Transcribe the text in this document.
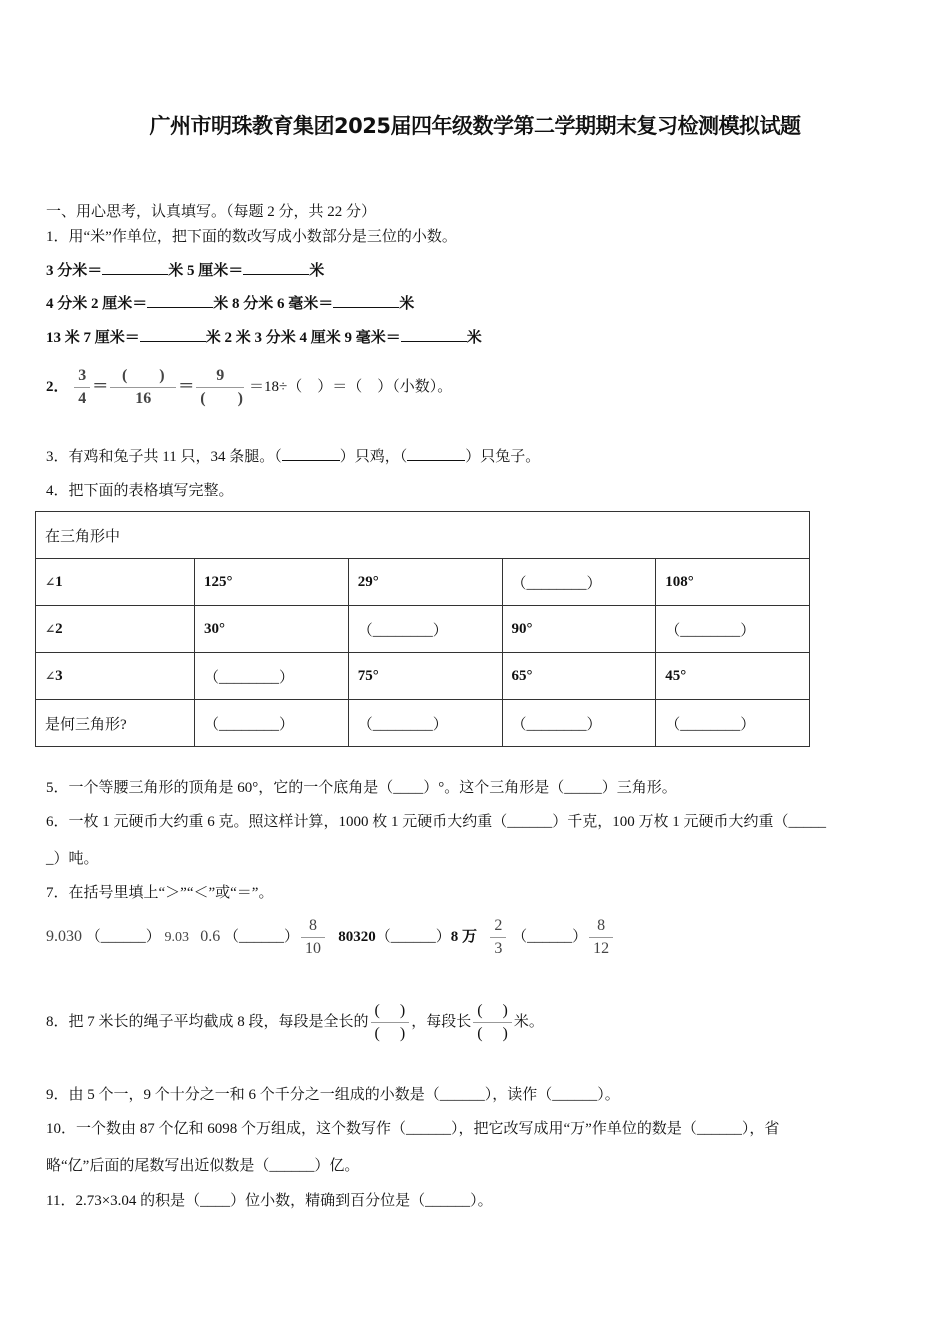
广州市明珠教育集团2025届四年级数学第二学期期末复习检测模拟试题
一、用心思考，认真填写。（每题 2 分，共 22 分）
1．用“米”作单位，把下面的数改写成小数部分是三位的小数。
3 分米＝	米 5 厘米＝	米
4 分米 2 厘米＝	米 8 分米 6 毫米＝	米
13 米 7 厘米＝	米 2 米 3 分米 4 厘米 9 毫米＝	米
2． $\frac{3}{4} = \frac{( )}{16} = \frac{9}{( )} =18\div$（　）＝（　）（小数）。
3．有鸡和兔子共 11 只，34 条腿。（	）只鸡，（	）只兔子。
4．把下面的表格填写完整。
在三角形中				
∠1	125°	29°	（________）	108°
∠2	30°	（________）	90°	（________）
∠3	（________）	75°	65°	45°
是何三角形?	（________）	（________）	（________）	（________）
5．一个等腰三角形的顶角是 60°，它的一个底角是（____）°。这个三角形是（_____）三角形。
6．一枚 1 元硬币大约重 6 克。照这样计算，1000 枚 1 元硬币大约重（______）千克，100 万枚 1 元硬币大约重（_____
_）吨。
7．在括号里填上“＞”“＜”或“＝”。
9.030 （______） 9.03 0.6 （______） $\frac{8}{10}$ 80320（______）8 万 $\frac{2}{3}$ （______） $\frac{8}{12}$
8．把 7 米长的绳子平均截成 8 段，每段是全长的 $\frac{( )}{( )}$ ，每段长 $\frac{( )}{( )}$ 米。
9．由 5 个一，9 个十分之一和 6 个千分之一组成的小数是（______），读作（______）。
10．一个数由 87 个亿和 6098 个万组成，这个数写作（______），把它改写成用“万”作单位的数是（______），省
略“亿”后面的尾数写出近似数是（______）亿。
11．2.73×3.04 的积是（____）位小数，精确到百分位是（______）。
